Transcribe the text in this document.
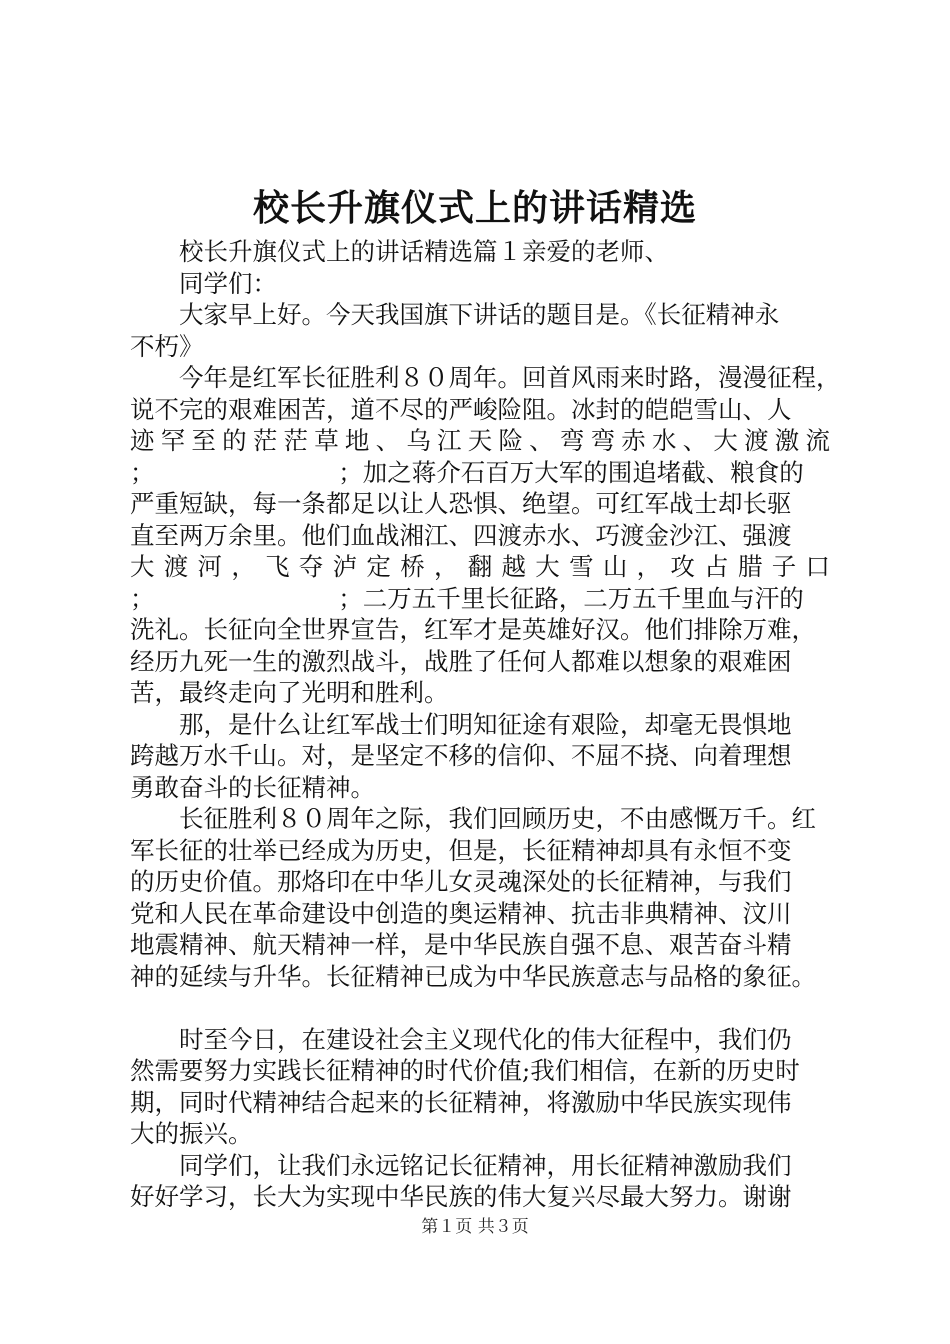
校长升旗仪式上的讲话精选
校长升旗仪式上的讲话精选篇１亲爱的老师、
同学们：
大家早上好。今天我国旗下讲话的题目是。《长征精神永
不朽》
今年是红军长征胜利８０周年。回首风雨来时路，漫漫征程，
说不完的艰难困苦，道不尽的严峻险阻。冰封的皑皑雪山、人
迹罕至的茫茫草地、乌江天险、弯弯赤水、大渡激流
；　　　　　　　　；加之蒋介石百万大军的围追堵截、粮食的
严重短缺，每一条都足以让人恐惧、绝望。可红军战士却长驱
直至两万余里。他们血战湘江、四渡赤水、巧渡金沙江、强渡
大渡河，飞夺泸定桥，翻越大雪山，攻占腊子口
；　　　　　　　　；二万五千里长征路，二万五千里血与汗的
洗礼。长征向全世界宣告，红军才是英雄好汉。他们排除万难，
经历九死一生的激烈战斗，战胜了任何人都难以想象的艰难困
苦，最终走向了光明和胜利。
那，是什么让红军战士们明知征途有艰险，却毫无畏惧地
跨越万水千山。对，是坚定不移的信仰、不屈不挠、向着理想
勇敢奋斗的长征精神。
长征胜利８０周年之际，我们回顾历史，不由感慨万千。红
军长征的壮举已经成为历史，但是，长征精神却具有永恒不变
的历史价值。那烙印在中华儿女灵魂深处的长征精神，与我们
党和人民在革命建设中创造的奥运精神、抗击非典精神、汶川
地震精神、航天精神一样，是中华民族自强不息、艰苦奋斗精
神的延续与升华。长征精神已成为中华民族意志与品格的象征。
时至今日，在建设社会主义现代化的伟大征程中，我们仍
然需要努力实践长征精神的时代价值;我们相信，在新的历史时
期，同时代精神结合起来的长征精神，将激励中华民族实现伟
大的振兴。
同学们，让我们永远铭记长征精神，用长征精神激励我们
好好学习，长大为实现中华民族的伟大复兴尽最大努力。谢谢
第１页 共３页
